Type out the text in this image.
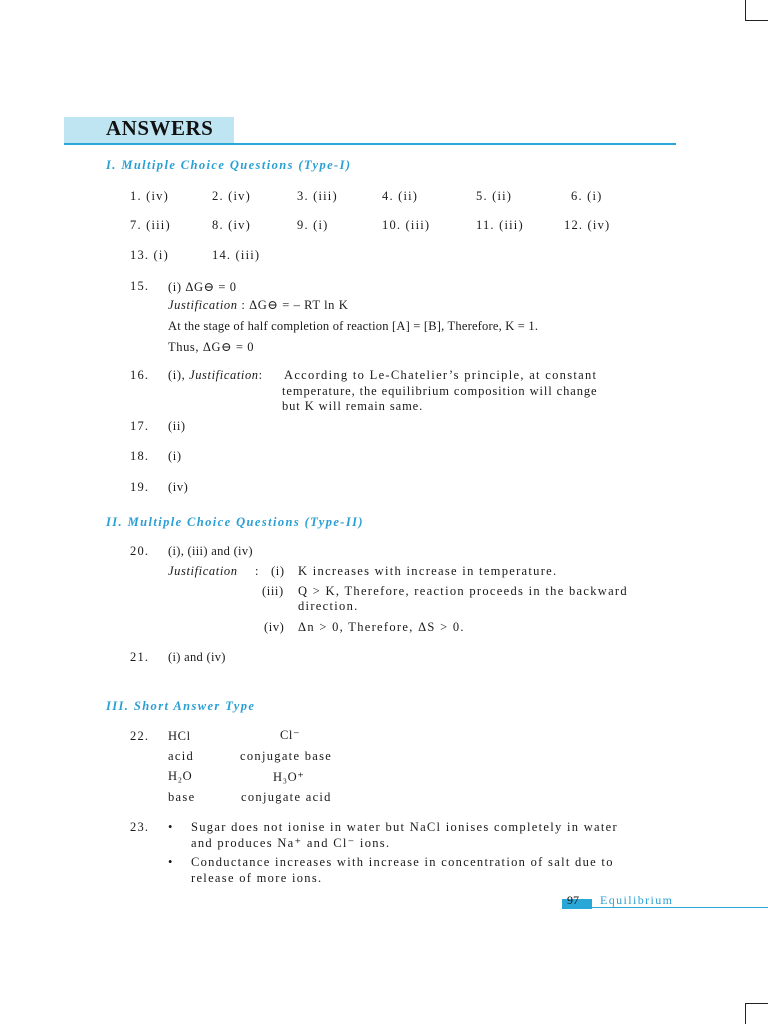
ANSWERS
I. Multiple Choice Questions (Type-I)
1. (iv)	2. (iv)	3. (iii)	4. (ii)	5. (ii)	6. (i)
7. (iii)	8. (iv)	9. (i)	10. (iii)	11. (iii)	12. (iv)
13. (i)	14. (iii)
15. (i) ΔG⊖ = 0
Justification : ΔG⊖ = – RT ln K
At the stage of half completion of reaction [A] = [B], Therefore, K = 1.
Thus, ΔG⊖ = 0
16. (i), Justification: According to Le-Chatelier’s principle, at constant
temperature, the equilibrium composition will change
but K will remain same.
17. (ii)
18. (i)
19. (iv)
II. Multiple Choice Questions (Type-II)
20. (i), (iii) and (iv)
Justification : (i) K increases with increase in temperature.
(iii) Q > K, Therefore, reaction proceeds in the backward
direction.
(iv) Δn > 0, Therefore, ΔS > 0.
21. (i) and (iv)
III. Short Answer Type
22. HCl	Cl⁻
acid	conjugate base
H₂O	H₃O⁺
base	conjugate acid
23. • Sugar does not ionise in water but NaCl ionises completely in water
and produces Na⁺ and Cl⁻ ions.
• Conductance increases with increase in concentration of salt due to
release of more ions.
97 Equilibrium
